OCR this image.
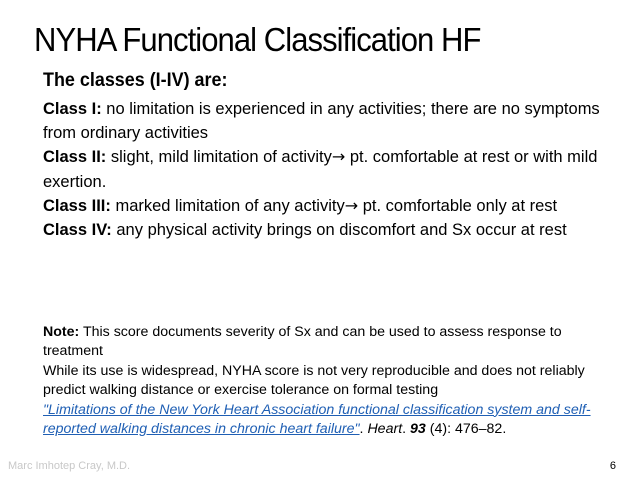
NYHA Functional Classification HF
The classes (I-IV) are:
Class I: no limitation is experienced in any activities; there are no symptoms from ordinary activities
Class II: slight, mild limitation of activity→ pt. comfortable at rest or with mild exertion.
Class III: marked limitation of any activity→ pt. comfortable only at rest
Class IV: any physical activity brings on discomfort and Sx occur at rest

Note: This score documents severity of Sx and can be used to assess response to treatment

While its use is widespread, NYHA score is not very reproducible and does not reliably predict walking distance or exercise tolerance on formal testing

"Limitations of the New York Heart Association functional classification system and self-reported walking distances in chronic heart failure". Heart. 93 (4): 476–82.

Marc Imhotep Cray, M.D.	6
